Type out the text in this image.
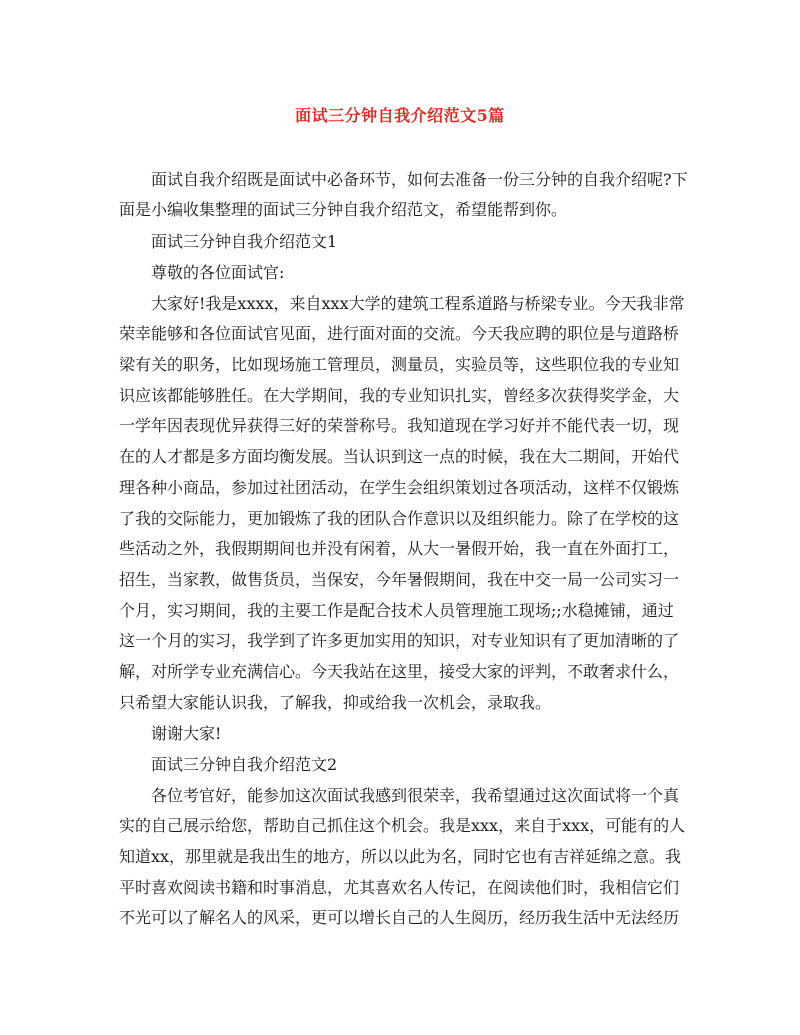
面试三分钟自我介绍范文5篇

面试自我介绍既是面试中必备环节，如何去准备一份三分钟的自我介绍呢?下

面是小编收集整理的面试三分钟自我介绍范文，希望能帮到你。

面试三分钟自我介绍范文1

尊敬的各位面试官:

大家好!我是xxxx，来自xxx大学的建筑工程系道路与桥梁专业。今天我非常

荣幸能够和各位面试官见面，进行面对面的交流。今天我应聘的职位是与道路桥

梁有关的职务，比如现场施工管理员，测量员，实验员等，这些职位我的专业知

识应该都能够胜任。在大学期间，我的专业知识扎实，曾经多次获得奖学金，大

一学年因表现优异获得三好的荣誉称号。我知道现在学习好并不能代表一切，现

在的人才都是多方面均衡发展。当认识到这一点的时候，我在大二期间，开始代

理各种小商品，参加过社团活动，在学生会组织策划过各项活动，这样不仅锻炼

了我的交际能力，更加锻炼了我的团队合作意识以及组织能力。除了在学校的这

些活动之外，我假期期间也并没有闲着，从大一暑假开始，我一直在外面打工，

招生，当家教，做售货员，当保安，今年暑假期间，我在中交一局一公司实习一

个月，实习期间，我的主要工作是配合技术人员管理施工现场;;水稳摊铺，通过

这一个月的实习，我学到了许多更加实用的知识，对专业知识有了更加清晰的了

解，对所学专业充满信心。今天我站在这里，接受大家的评判，不敢奢求什么，

只希望大家能认识我，了解我，抑或给我一次机会，录取我。

谢谢大家!

面试三分钟自我介绍范文2

各位考官好，能参加这次面试我感到很荣幸，我希望通过这次面试将一个真

实的自己展示给您，帮助自己抓住这个机会。我是xxx，来自于xxx，可能有的人

知道xx，那里就是我出生的地方，所以以此为名，同时它也有吉祥延绵之意。我

平时喜欢阅读书籍和时事消息，尤其喜欢名人传记，在阅读他们时，我相信它们

不光可以了解名人的风采，更可以增长自己的人生阅历，经历我生活中无法经历
